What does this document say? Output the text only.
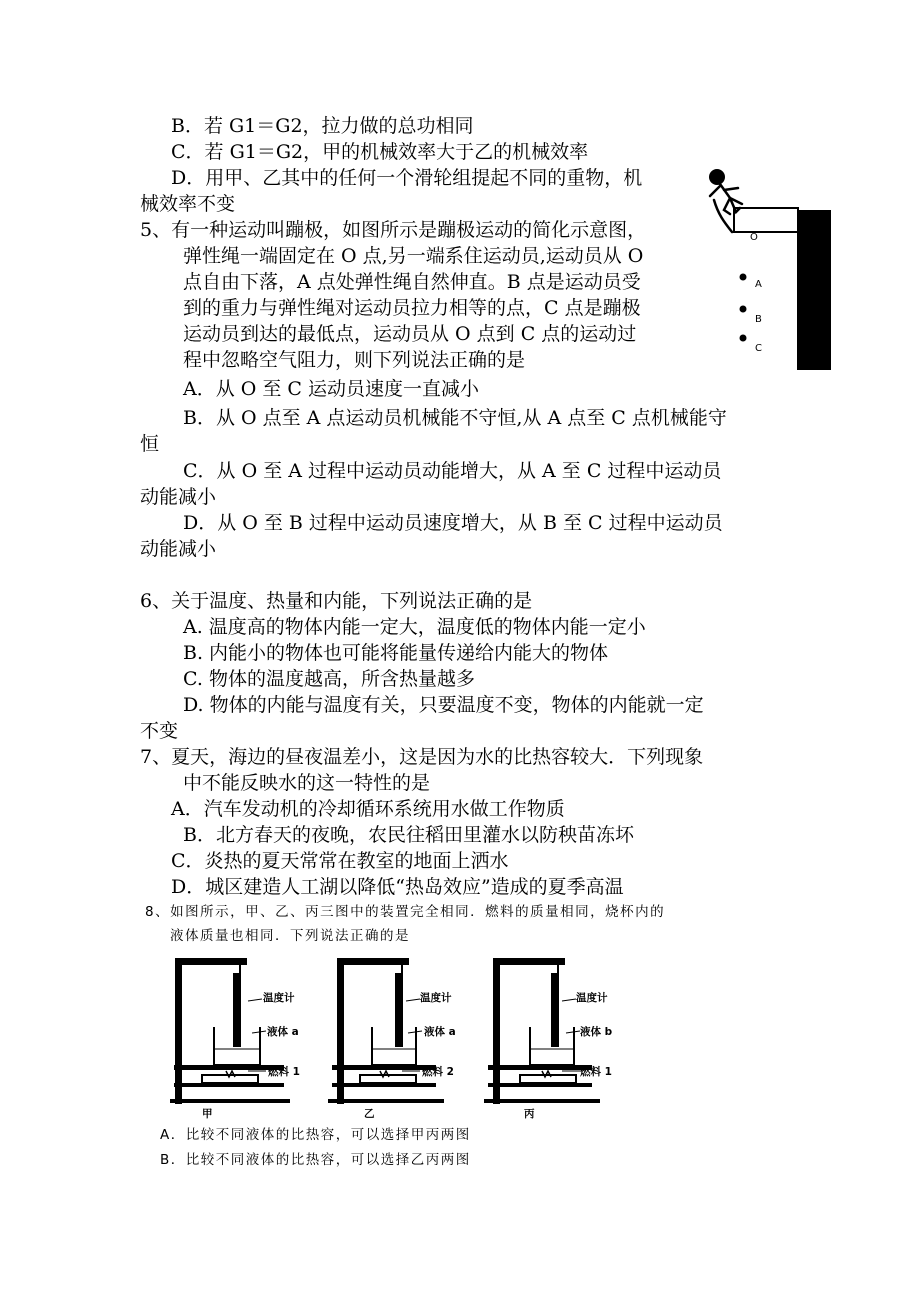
B．若 G1＝G2，拉力做的总功相同
C．若 G1＝G2，甲的机械效率大于乙的机械效率
D．用甲、乙其中的任何一个滑轮组提起不同的重物，机
械效率不变
5、有一种运动叫蹦极，如图所示是蹦极运动的简化示意图，
弹性绳一端固定在 O 点,另一端系住运动员,运动员从 O
点自由下落，A 点处弹性绳自然伸直。B 点是运动员受
到的重力与弹性绳对运动员拉力相等的点，C 点是蹦极
运动员到达的最低点，运动员从 O 点到 C 点的运动过
程中忽略空气阻力，则下列说法正确的是
A．从 O 至 C 运动员速度一直减小
B．从 O 点至 A 点运动员机械能不守恒,从 A 点至 C 点机械能守
恒
C．从 O 至 A 过程中运动员动能增大，从 A 至 C 过程中运动员
动能减小
D．从 O 至 B 过程中运动员速度增大，从 B 至 C 过程中运动员
动能减小
O
A
B
C
6、关于温度、热量和内能，下列说法正确的是
A. 温度高的物体内能一定大，温度低的物体内能一定小
B. 内能小的物体也可能将能量传递给内能大的物体
C. 物体的温度越高，所含热量越多
D. 物体的内能与温度有关，只要温度不变，物体的内能就一定
不变
7、夏天，海边的昼夜温差小，这是因为水的比热容较大．下列现象
中不能反映水的这一特性的是
A．汽车发动机的冷却循环系统用水做工作物质
B．北方春天的夜晚，农民往稻田里灌水以防秧苗冻坏
C．炎热的夏天常常在教室的地面上洒水
D．城区建造人工湖以降低“热岛效应”造成的夏季高温
8、如图所示，甲、乙、丙三图中的装置完全相同．燃料的质量相同，烧杯内的
液体质量也相同．下列说法正确的是
温度计
液体 a
燃料 1
甲
温度计
液体 a
燃料 2
乙
温度计
液体 b
燃料 1
丙
A．比较不同液体的比热容，可以选择甲丙两图
B．比较不同液体的比热容，可以选择乙丙两图
